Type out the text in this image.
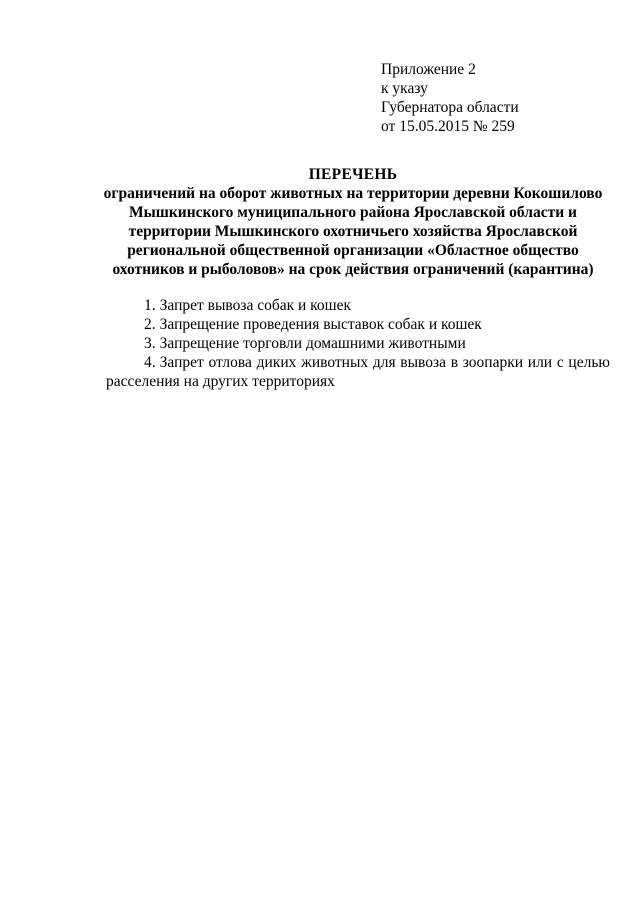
Приложение 2
к указу
Губернатора области
от 15.05.2015 № 259
ПЕРЕЧЕНЬ
ограничений на оборот животных на территории деревни Кокошилово
Мышкинского муниципального района Ярославской области и
территории Мышкинского охотничьего хозяйства Ярославской
региональной общественной организации «Областное общество
охотников и рыболовов» на срок действия ограничений (карантина)
1. Запрет вывоза собак и кошек
2. Запрещение проведения выставок собак и кошек
3. Запрещение торговли домашними животными
4. Запрет отлова диких животных для вывоза в зоопарки или с целью расселения на других территориях
